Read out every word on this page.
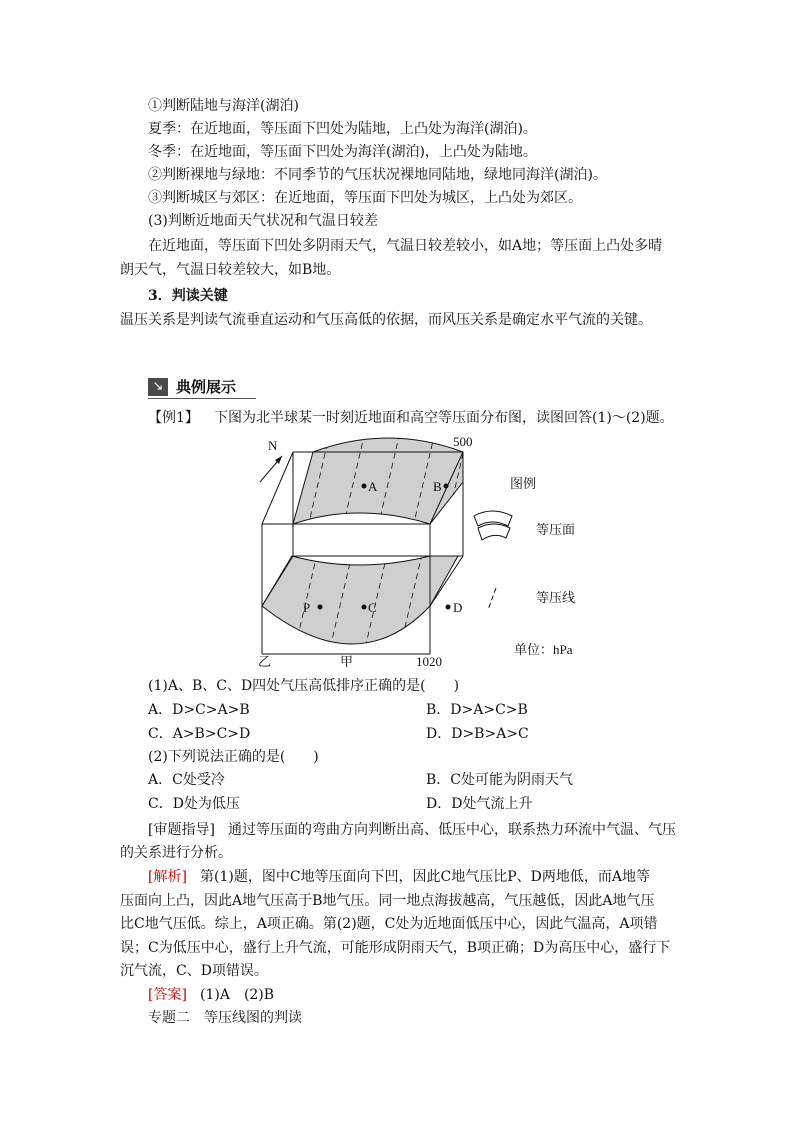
①判断陆地与海洋(湖泊)
夏季：在近地面，等压面下凹处为陆地，上凸处为海洋(湖泊)。
冬季：在近地面，等压面下凹处为海洋(湖泊)，上凸处为陆地。
②判断裸地与绿地：不同季节的气压状况裸地同陆地，绿地同海洋(湖泊)。
③判断城区与郊区：在近地面，等压面下凹处为城区，上凸处为郊区。
(3)判断近地面天气状况和气温日较差
在近地面，等压面下凹处多阴雨天气，气温日较差较小，如A地；等压面上凸处多晴
朗天气，气温日较差较大，如B地。
3．判读关键
温压关系是判读气流垂直运动和气压高低的依据，而风压关系是确定水平气流的关键。
↘ 典例展示
【例1】 下图为北半球某一时刻近地面和高空等压面分布图，读图回答(1)～(2)题。
N
A	B
P	C	D
500
1020
乙	甲
图例
等压面
等压线
单位：hPa
(1)A、B、C、D四处气压高低排序正确的是(　　)
A．D>C>A>B	B．D>A>C>B
C．A>B>C>D	D．D>B>A>C
(2)下列说法正确的是(　　)
A．C处受冷	B．C处可能为阴雨天气
C．D处为低压	D．D处气流上升
[审题指导] 通过等压面的弯曲方向判断出高、低压中心，联系热力环流中气温、气压
的关系进行分析。
[解析] 第(1)题，图中C地等压面向下凹，因此C地气压比P、D两地低，而A地等
压面向上凸，因此A地气压高于B地气压。同一地点海拔越高，气压越低，因此A地气压
比C地气压低。综上，A项正确。第(2)题，C处为近地面低压中心，因此气温高，A项错
误；C为低压中心，盛行上升气流，可能形成阴雨天气，B项正确；D为高压中心，盛行下
沉气流，C、D项错误。
[答案] (1)A　(2)B
专题二　等压线图的判读
